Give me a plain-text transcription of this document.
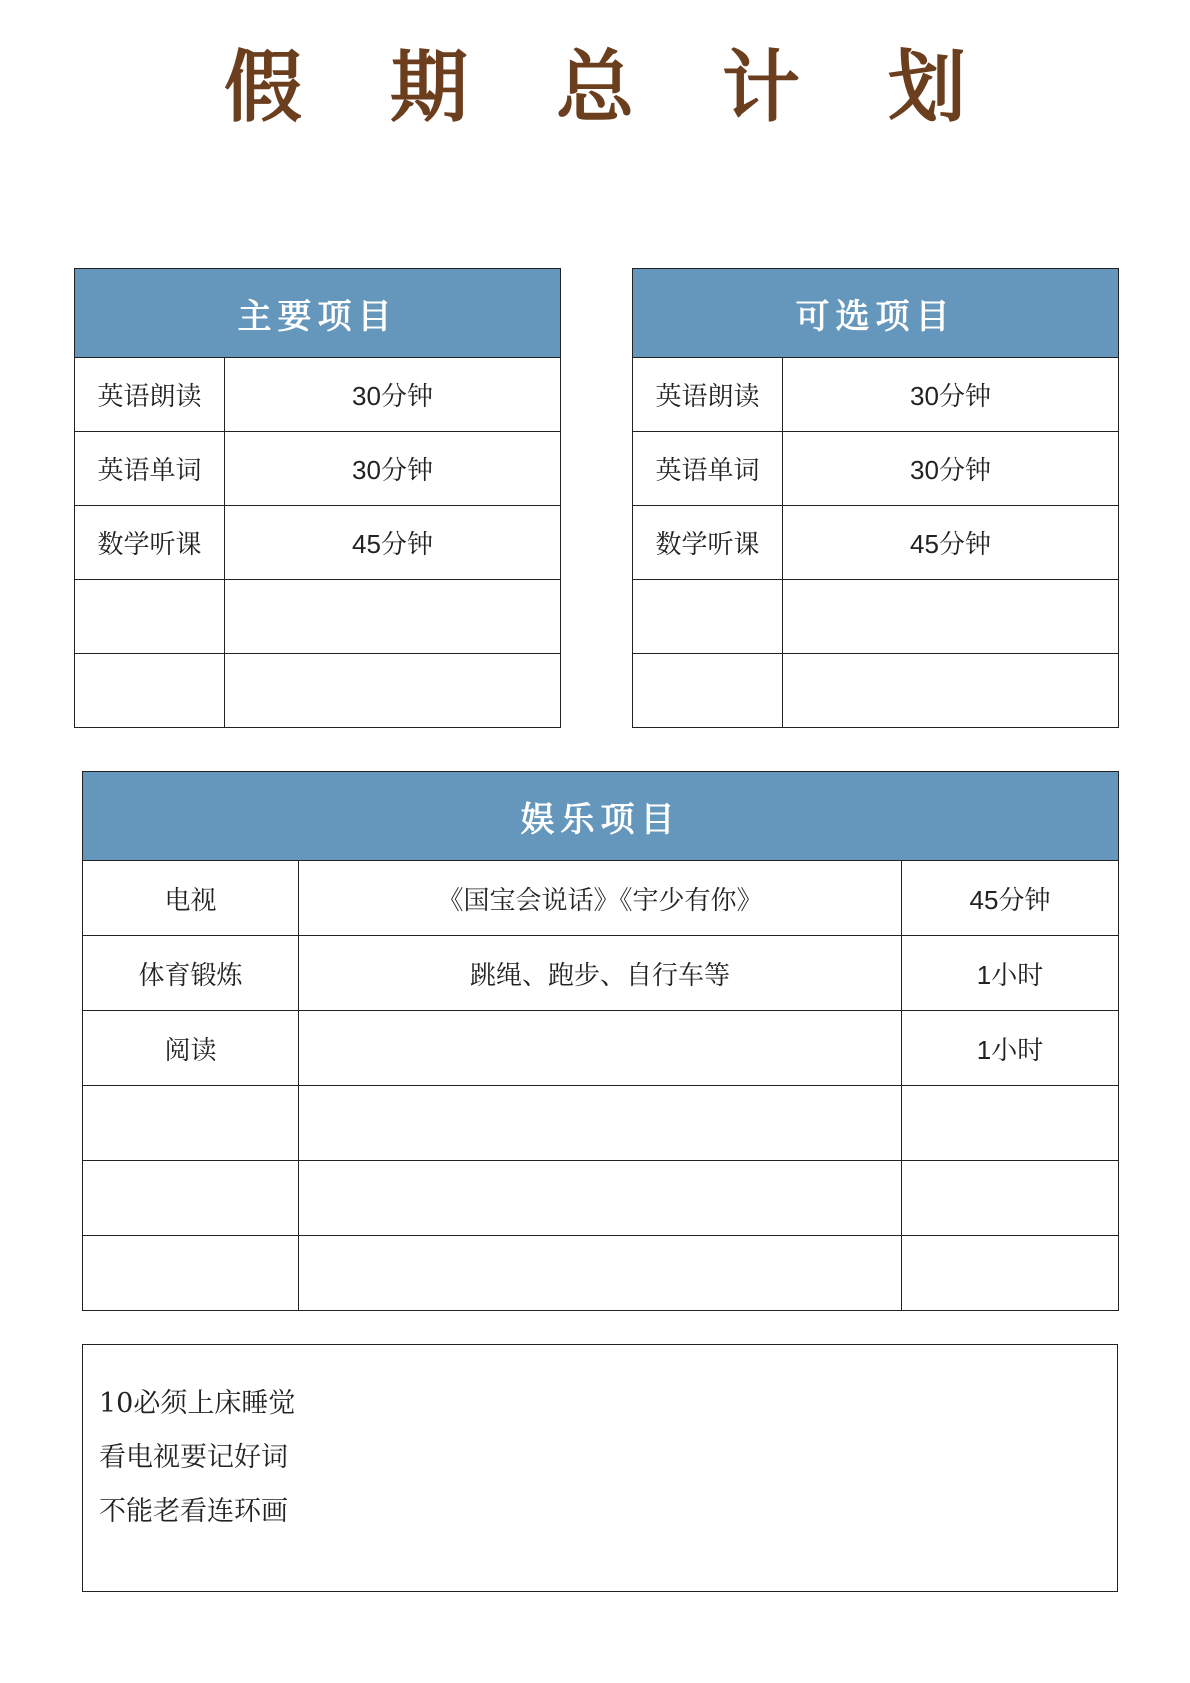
假期总计划
主要项目	
英语朗读	30分钟
英语单词	30分钟
数学听课	45分钟

可选项目	
英语朗读	30分钟
英语单词	30分钟
数学听课	45分钟

娱乐项目		
电视	《国宝会说话》《宇少有你》	45分钟
体育锻炼	跳绳、跑步、自行车等	1小时
阅读		1小时

10必须上床睡觉
看电视要记好词
不能老看连环画
